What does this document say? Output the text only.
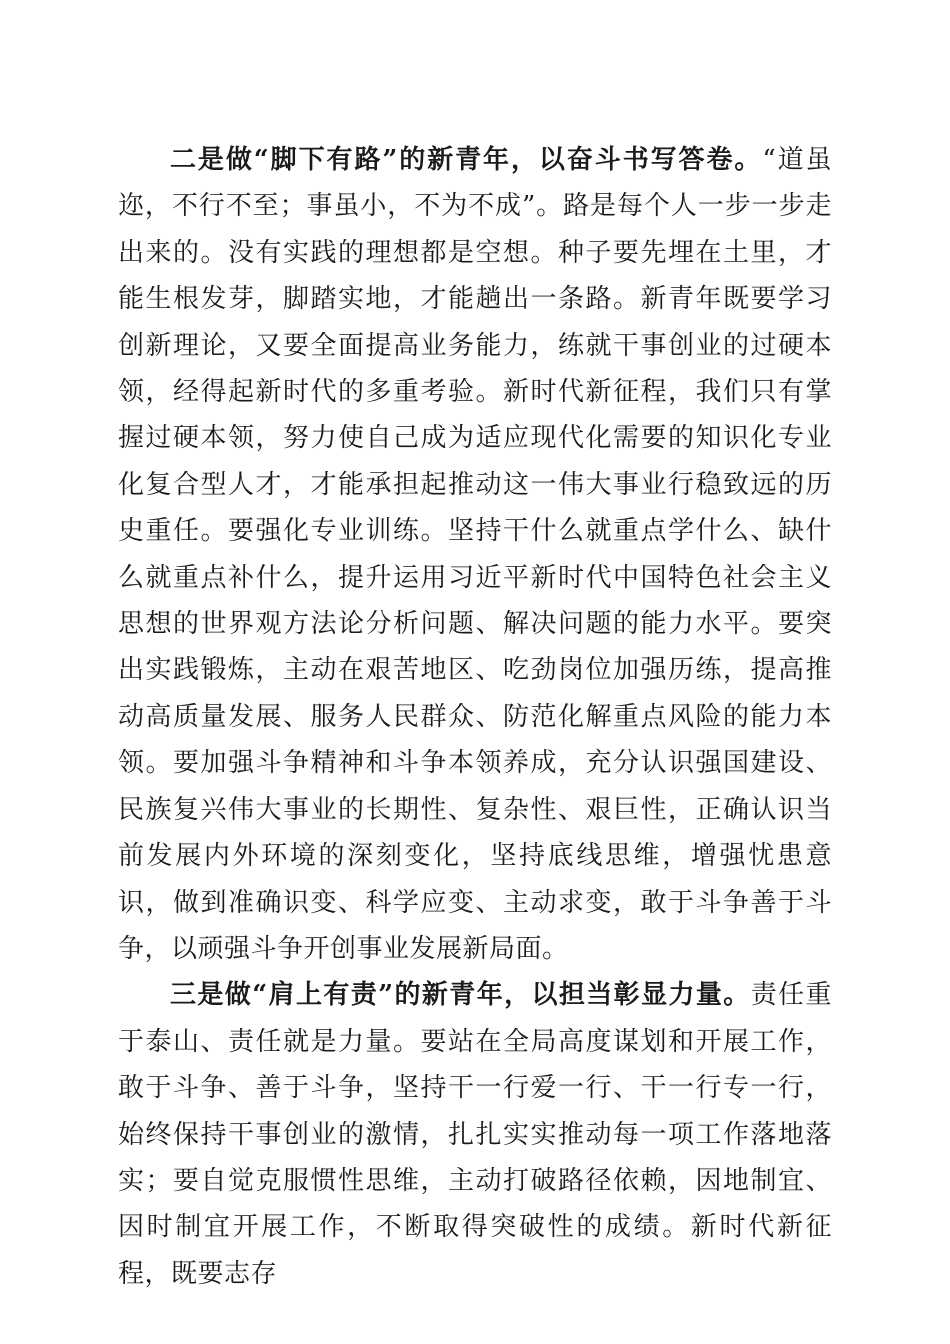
二是做“脚下有路”的新青年，以奋斗书写答卷。“道虽迩，不行不至；事虽小，不为不成”。路是每个人一步一步走出来的。没有实践的理想都是空想。种子要先埋在土里，才能生根发芽，脚踏实地，才能趟出一条路。新青年既要学习创新理论，又要全面提高业务能力，练就干事创业的过硬本领，经得起新时代的多重考验。新时代新征程，我们只有掌握过硬本领，努力使自己成为适应现代化需要的知识化专业化复合型人才，才能承担起推动这一伟大事业行稳致远的历史重任。要强化专业训练。坚持干什么就重点学什么、缺什么就重点补什么，提升运用习近平新时代中国特色社会主义思想的世界观方法论分析问题、解决问题的能力水平。要突出实践锻炼，主动在艰苦地区、吃劲岗位加强历练，提高推动高质量发展、服务人民群众、防范化解重点风险的能力本领。要加强斗争精神和斗争本领养成，充分认识强国建设、民族复兴伟大事业的长期性、复杂性、艰巨性，正确认识当前发展内外环境的深刻变化，坚持底线思维，增强忧患意识，做到准确识变、科学应变、主动求变，敢于斗争善于斗争，以顽强斗争开创事业发展新局面。

三是做“肩上有责”的新青年，以担当彰显力量。责任重于泰山、责任就是力量。要站在全局高度谋划和开展工作，敢于斗争、善于斗争，坚持干一行爱一行、干一行专一行，始终保持干事创业的激情，扎扎实实推动每一项工作落地落实；要自觉克服惯性思维，主动打破路径依赖，因地制宜、因时制宜开展工作，不断取得突破性的成绩。新时代新征程，既要志存
